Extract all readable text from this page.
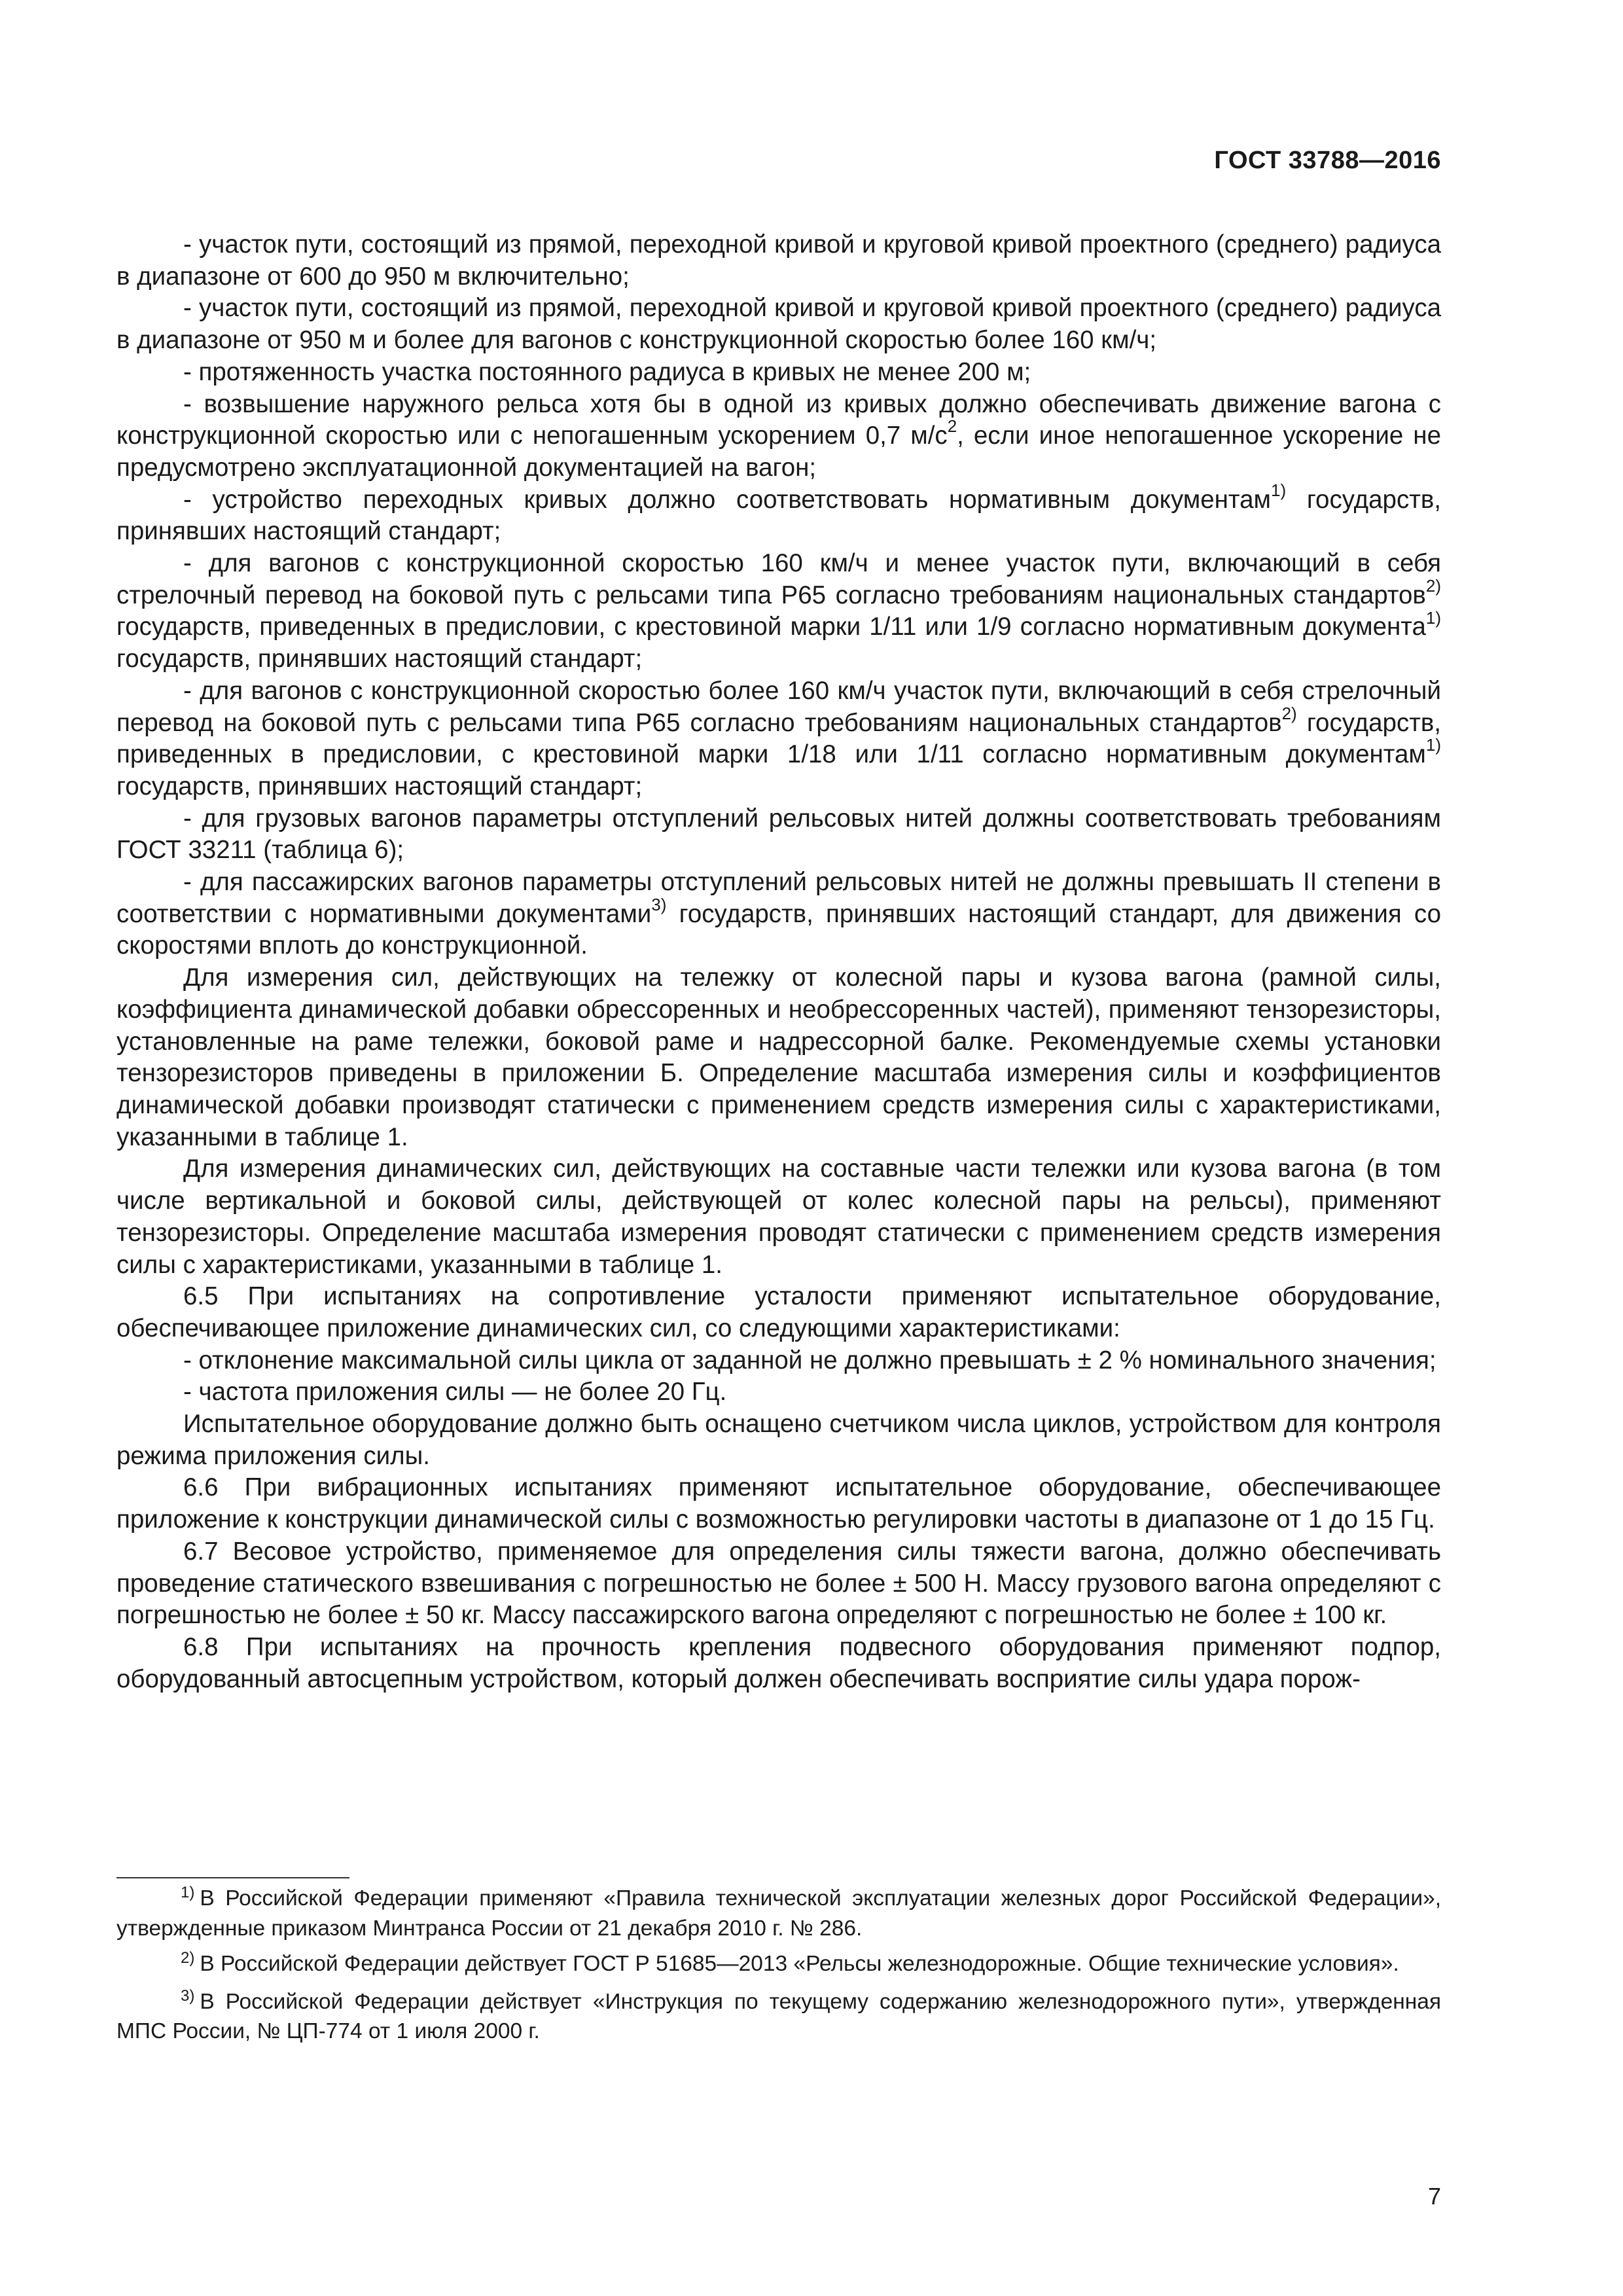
ГОСТ 33788—2016

- участок пути, состоящий из прямой, переходной кривой и круговой кривой проектного (среднего) радиуса в диапазоне от 600 до 950 м включительно;

- участок пути, состоящий из прямой, переходной кривой и круговой кривой проектного (среднего) радиуса в диапазоне от 950 м и более для вагонов с конструкционной скоростью более 160 км/ч;

- протяженность участка постоянного радиуса в кривых не менее 200 м;

- возвышение наружного рельса хотя бы в одной из кривых должно обеспечивать движение вагона с конструкционной скоростью или с непогашенным ускорением 0,7 $м/с^2$, если иное непогашенное ускорение не предусмотрено эксплуатационной документацией на вагон;

- устройство переходных кривых должно соответствовать нормативным документам$^{1)}$ государств, принявших настоящий стандарт;

- для вагонов с конструкционной скоростью 160 км/ч и менее участок пути, включающий в себя стрелочный перевод на боковой путь с рельсами типа Р65 согласно требованиям национальных стандартов$^{2)}$ государств, приведенных в предисловии, с крестовиной марки 1/11 или 1/9 согласно нормативным документа$^{1)}$ государств, принявших настоящий стандарт;

- для вагонов с конструкционной скоростью более 160 км/ч участок пути, включающий в себя стрелочный перевод на боковой путь с рельсами типа Р65 согласно требованиям национальных стандартов$^{2)}$ государств, приведенных в предисловии, с крестовиной марки 1/18 или 1/11 согласно нормативным документам$^{1)}$ государств, принявших настоящий стандарт;

- для грузовых вагонов параметры отступлений рельсовых нитей должны соответствовать требованиям ГОСТ 33211 (таблица 6);

- для пассажирских вагонов параметры отступлений рельсовых нитей не должны превышать II степени в соответствии с нормативными документами$^{3)}$ государств, принявших настоящий стандарт, для движения со скоростями вплоть до конструкционной.

Для измерения сил, действующих на тележку от колесной пары и кузова вагона (рамной силы, коэффициента динамической добавки обрессоренных и необрессоренных частей), применяют тензорезисторы, установленные на раме тележки, боковой раме и надрессорной балке. Рекомендуемые схемы установки тензорезисторов приведены в приложении Б. Определение масштаба измерения силы и коэффициентов динамической добавки производят статически с применением средств измерения силы с характеристиками, указанными в таблице 1.

Для измерения динамических сил, действующих на составные части тележки или кузова вагона (в том числе вертикальной и боковой силы, действующей от колес колесной пары на рельсы), применяют тензорезисторы. Определение масштаба измерения проводят статически с применением средств измерения силы с характеристиками, указанными в таблице 1.

6.5 При испытаниях на сопротивление усталости применяют испытательное оборудование, обеспечивающее приложение динамических сил, со следующими характеристиками:

- отклонение максимальной силы цикла от заданной не должно превышать ± 2 % номинального значения;

- частота приложения силы — не более 20 Гц.

Испытательное оборудование должно быть оснащено счетчиком числа циклов, устройством для контроля режима приложения силы.

6.6 При вибрационных испытаниях применяют испытательное оборудование, обеспечивающее приложение к конструкции динамической силы с возможностью регулировки частоты в диапазоне от 1 до 15 Гц.

6.7 Весовое устройство, применяемое для определения силы тяжести вагона, должно обеспечивать проведение статического взвешивания с погрешностью не более ± 500 Н. Массу грузового вагона определяют с погрешностью не более ± 50 кг. Массу пассажирского вагона определяют с погрешностью не более ± 100 кг.

6.8 При испытаниях на прочность крепления подвесного оборудования применяют подпор, оборудованный автосцепным устройством, который должен обеспечивать восприятие силы удара порож-

$^{1)}$ В Российской Федерации применяют «Правила технической эксплуатации железных дорог Российской Федерации», утвержденные приказом Минтранса России от 21 декабря 2010 г. № 286.

$^{2)}$ В Российской Федерации действует ГОСТ Р 51685—2013 «Рельсы железнодорожные. Общие технические условия».

$^{3)}$ В Российской Федерации действует «Инструкция по текущему содержанию железнодорожного пути», утвержденная МПС России, № ЦП-774 от 1 июля 2000 г.

7
